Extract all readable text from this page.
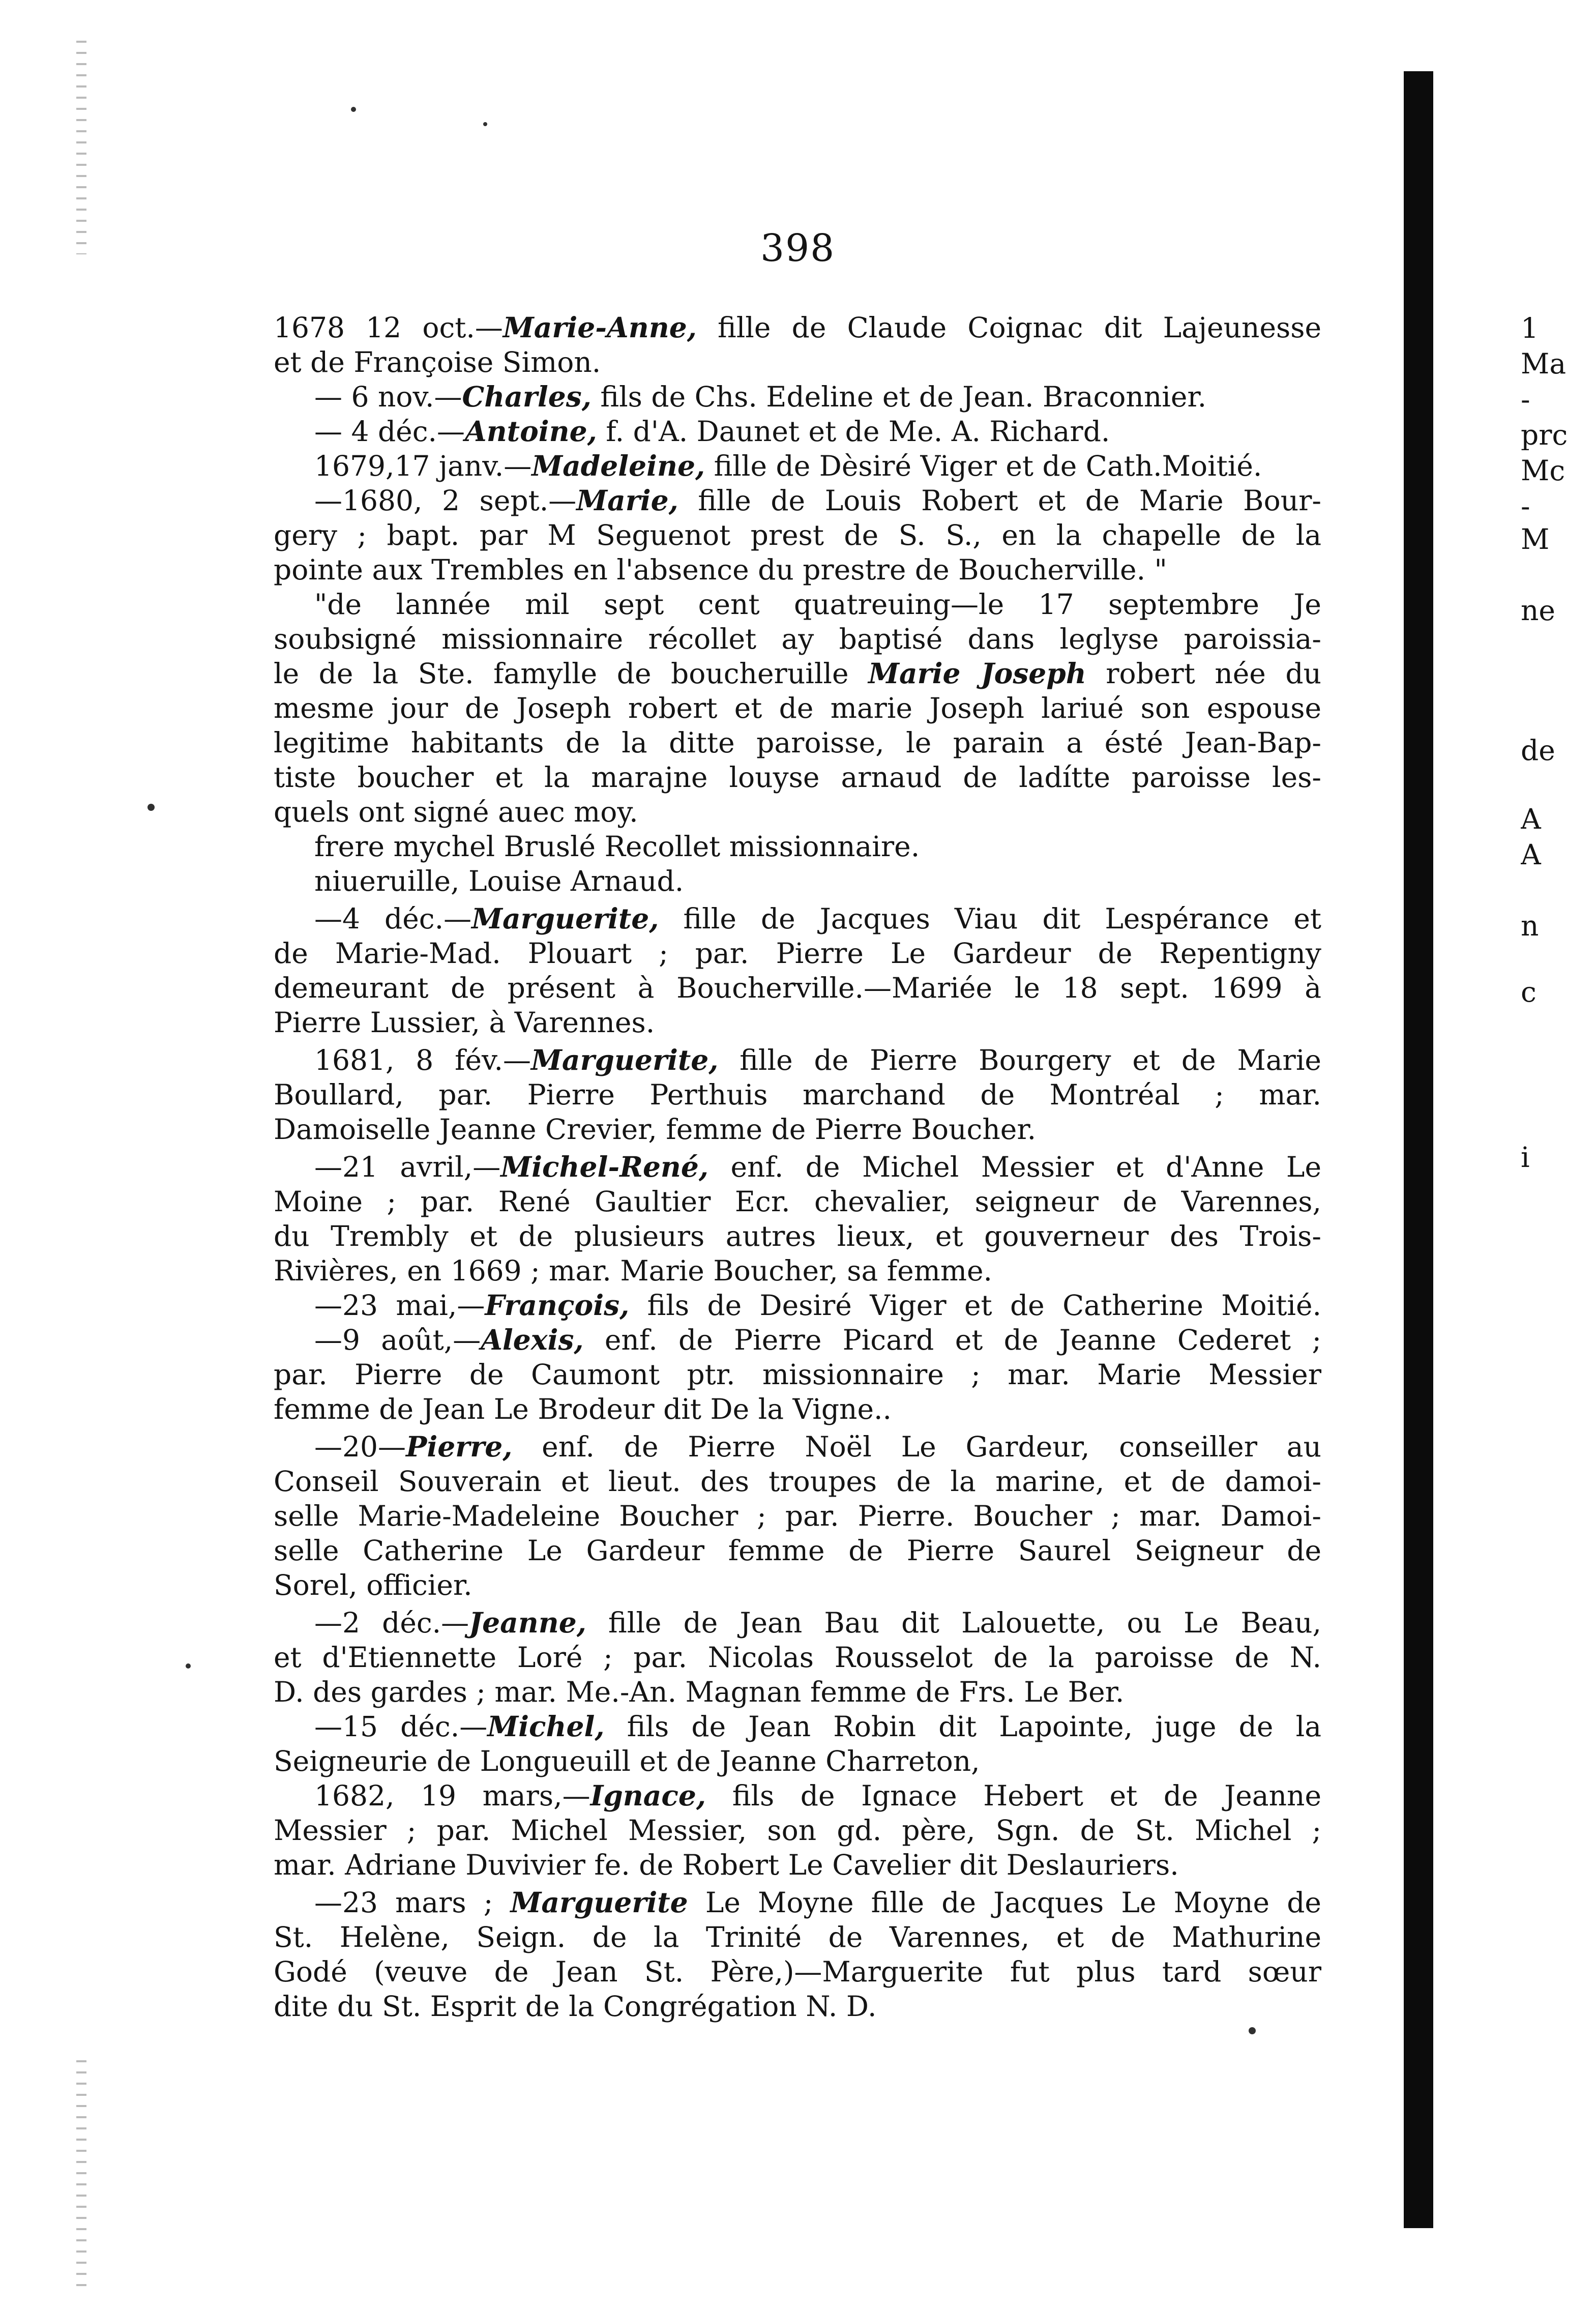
398
1678 12 oct.—Marie-Anne, fille de Claude Coignac dit Lajeunesse
et de Françoise Simon.
— 6 nov.—Charles, fils de Chs. Edeline et de Jean. Braconnier.
— 4 déc.—Antoine, f. d'A. Daunet et de Me. A. Richard.
1679,17 janv.—Madeleine, fille de Dèsiré Viger et de Cath.Moitié.
—1680, 2 sept.—Marie, fille de Louis Robert et de Marie Bour-
gery ; bapt. par M Seguenot prest de S. S., en la chapelle de la
pointe aux Trembles en l'absence du prestre de Boucherville. "
"de lannée mil sept cent quatreuing—le 17 septembre Je
soubsigné missionnaire récollet ay baptisé dans leglyse paroissia-
le de la Ste. famylle de boucheruille Marie Joseph robert née du
mesme jour de Joseph robert et de marie Joseph lariué son espouse
legitime habitants de la ditte paroisse, le parain a ésté Jean-Bap-
tiste boucher et la marajne louyse arnaud de ladítte paroisse les-
quels ont signé auec moy.
frere mychel Bruslé Recollet missionnaire.
niueruille, Louise Arnaud.
—4 déc.—Marguerite, fille de Jacques Viau dit Lespérance et
de Marie-Mad. Plouart ; par. Pierre Le Gardeur de Repentigny
demeurant de présent à Boucherville.—Mariée le 18 sept. 1699 à
Pierre Lussier, à Varennes.
1681, 8 fév.—Marguerite, fille de Pierre Bourgery et de Marie
Boullard, par. Pierre Perthuis marchand de Montréal ; mar.
Damoiselle Jeanne Crevier, femme de Pierre Boucher.
—21 avril,—Michel-René, enf. de Michel Messier et d'Anne Le
Moine ; par. René Gaultier Ecr. chevalier, seigneur de Varennes,
du Trembly et de plusieurs autres lieux, et gouverneur des Trois-
Rivières, en 1669 ; mar. Marie Boucher, sa femme.
—23 mai,—François, fils de Desiré Viger et de Catherine Moitié.
—9 août,—Alexis, enf. de Pierre Picard et de Jeanne Cederet ;
par. Pierre de Caumont ptr. missionnaire ; mar. Marie Messier
femme de Jean Le Brodeur dit De la Vigne..
—20—Pierre, enf. de Pierre Noël Le Gardeur, conseiller au
Conseil Souverain et lieut. des troupes de la marine, et de damoi-
selle Marie-Madeleine Boucher ; par. Pierre. Boucher ; mar. Damoi-
selle Catherine Le Gardeur femme de Pierre Saurel Seigneur de
Sorel, officier.
—2 déc.—Jeanne, fille de Jean Bau dit Lalouette, ou Le Beau,
et d'Etiennette Loré ; par. Nicolas Rousselot de la paroisse de N.
D. des gardes ; mar. Me.-An. Magnan femme de Frs. Le Ber.
—15 déc.—Michel, fils de Jean Robin dit Lapointe, juge de la
Seigneurie de Longueuill et de Jeanne Charreton,
1682, 19 mars,—Ignace, fils de Ignace Hebert et de Jeanne
Messier ; par. Michel Messier, son gd. père, Sgn. de St. Michel ;
mar. Adriane Duvivier fe. de Robert Le Cavelier dit Deslauriers.
—23 mars ; Marguerite Le Moyne fille de Jacques Le Moyne de
St. Helène, Seign. de la Trinité de Varennes, et de Mathurine
Godé (veuve de Jean St. Père,)—Marguerite fut plus tard sœur
dite du St. Esprit de la Congrégation N. D.
1
Ma
-
prc
Mc
-
M
ne
de
A
A
n
c
i
